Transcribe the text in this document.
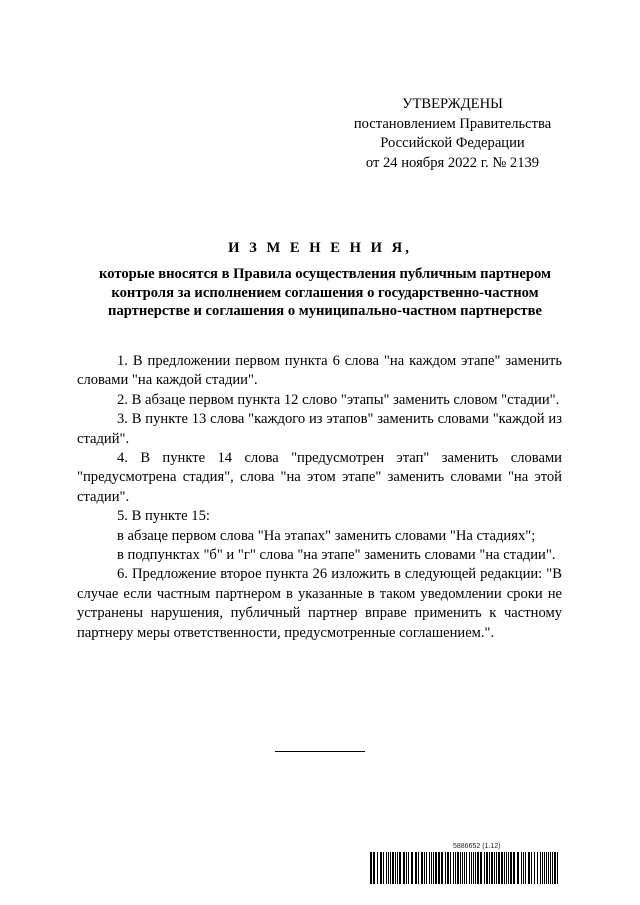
УТВЕРЖДЕНЫ
постановлением Правительства
Российской Федерации
от 24 ноября 2022 г. № 2139
И З М Е Н Е Н И Я,
которые вносятся в Правила осуществления публичным партнером контроля за исполнением соглашения о государственно-частном партнерстве и соглашения о муниципально-частном партнерстве

1. В предложении первом пункта 6 слова "на каждом этапе" заменить словами "на каждой стадии".

2. В абзаце первом пункта 12 слово "этапы" заменить словом "стадии".

3. В пункте 13 слова "каждого из этапов" заменить словами "каждой из стадий".

4. В пункте 14 слова "предусмотрен этап" заменить словами "предусмотрена стадия", слова "на этом этапе" заменить словами "на этой стадии".

5. В пункте 15:

в абзаце первом слова "На этапах" заменить словами "На стадиях";

в подпунктах "б" и "г" слова "на этапе" заменить словами "на стадии".

6. Предложение второе пункта 26 изложить в следующей редакции: "В случае если частным партнером в указанные в таком уведомлении сроки не устранены нарушения, публичный партнер вправе применить к частному партнеру меры ответственности, предусмотренные соглашением.".

5886652 (1.12)
